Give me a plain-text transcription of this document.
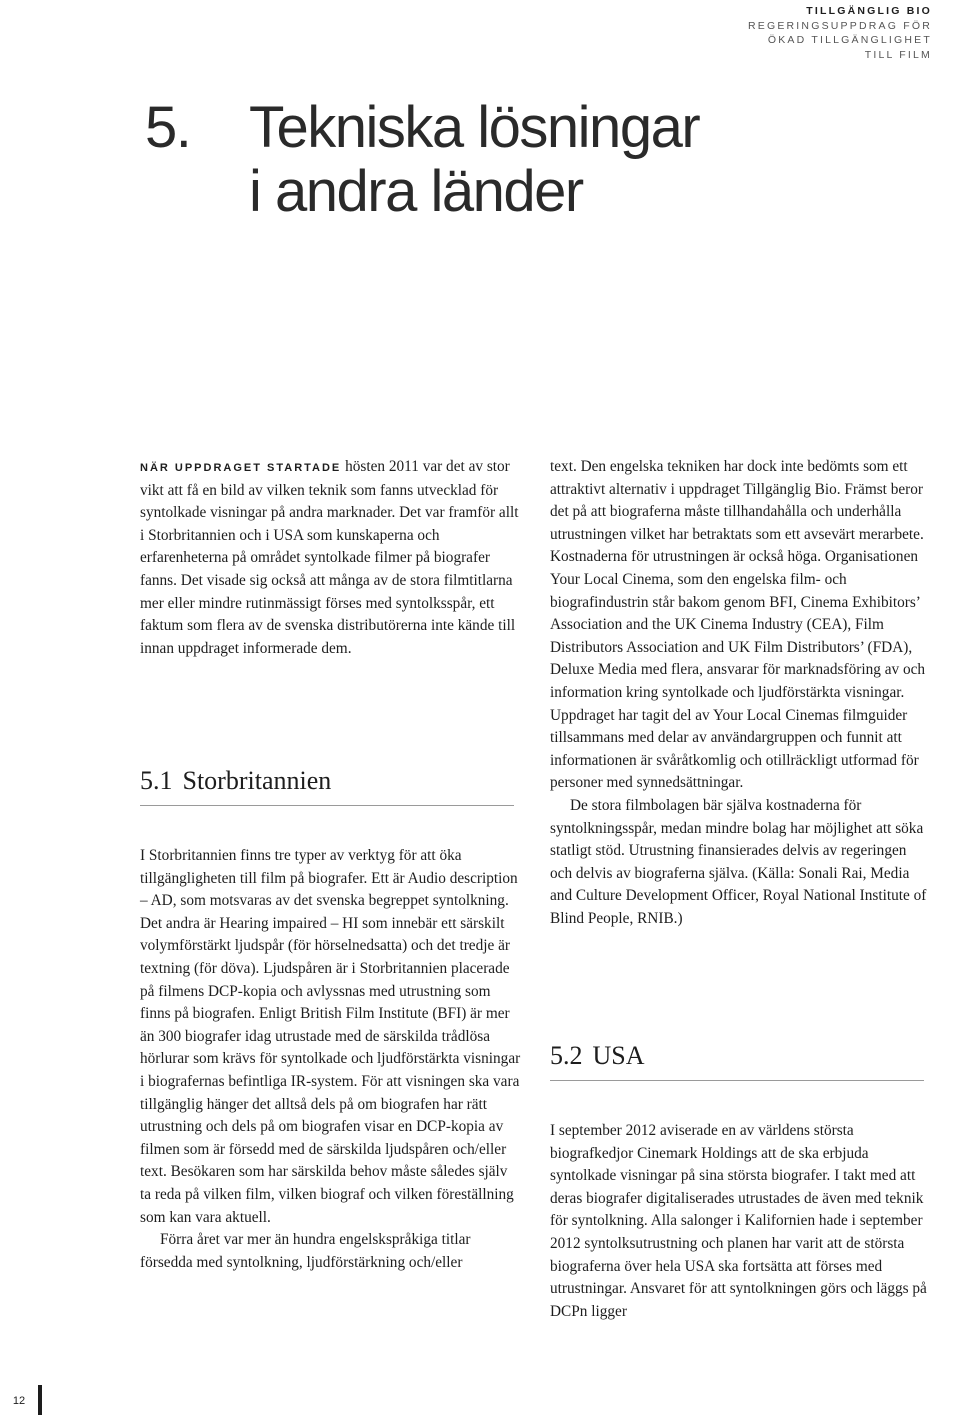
TILLGÄNGLIG BIO
REGERINGSUPPDRAG FÖR
ÖKAD TILLGÄNGLIGHET
TILL FILM
5. Tekniska lösningar
i andra länder

NÄR UPPDRAGET STARTADE hösten 2011 var det av stor vikt att få en bild av vilken teknik som fanns utvecklad för syntolkade visningar på andra marknader. Det var framför allt i Storbritannien och i USA som kunskaperna och erfarenheterna på området syntolkade filmer på biografer fanns. Det visade sig också att många av de stora filmtitlarna mer eller mindre rutinmässigt förses med syntolksspår, ett faktum som flera av de svenska distributörerna inte kände till innan uppdraget informerade dem.

5.1 Storbritannien

I Storbritannien finns tre typer av verktyg för att öka tillgängligheten till film på biografer. Ett är Audio description – AD, som motsvaras av det svenska begreppet syntolkning. Det andra är Hearing impaired – HI som innebär ett särskilt volymförstärkt ljudspår (för hörselnedsatta) och det tredje är textning (för döva). Ljudspåren är i Storbritannien placerade på filmens DCP-kopia och avlyssnas med utrustning som finns på biografen. Enligt British Film Institute (BFI) är mer än 300 biografer idag utrustade med de särskilda trådlösa hörlurar som krävs för syntolkade och ljudförstärkta visningar i biografernas befintliga IR-system. För att visningen ska vara tillgänglig hänger det alltså dels på om biografen har rätt utrustning och dels på om biografen visar en DCP-kopia av filmen som är försedd med de särskilda ljudspåren och/eller text. Besökaren som har särskilda behov måste således själv ta reda på vilken film, vilken biograf och vilken föreställning som kan vara aktuell.

Förra året var mer än hundra engelskspråkiga titlar försedda med syntolkning, ljudförstärkning och/eller

text. Den engelska tekniken har dock inte bedömts som ett attraktivt alternativ i uppdraget Tillgänglig Bio. Främst beror det på att biograferna måste tillhandahålla och underhålla utrustningen vilket har betraktats som ett avsevärt merarbete. Kostnaderna för utrustningen är också höga. Organisationen Your Local Cinema, som den engelska film- och biografindustrin står bakom genom BFI, Cinema Exhibitors’ Association and the UK Cinema Industry (CEA), Film Distributors Association and UK Film Distributors’ (FDA), Deluxe Media med flera, ansvarar för marknadsföring av och information kring syntolkade och ljudförstärkta visningar. Uppdraget har tagit del av Your Local Cinemas filmguider tillsammans med delar av användargruppen och funnit att informationen är svåråtkomlig och otillräckligt utformad för personer med synnedsättningar.

De stora filmbolagen bär själva kostnaderna för syntolkningsspår, medan mindre bolag har möjlighet att söka statligt stöd. Utrustning finansierades delvis av regeringen och delvis av biograferna själva. (Källa: Sonali Rai, Media and Culture Development Officer, Royal National Institute of Blind People, RNIB.)

5.2 USA

I september 2012 aviserade en av världens största biografkedjor Cinemark Holdings att de ska erbjuda syntolkade visningar på sina största biografer. I takt med att deras biografer digitaliserades utrustades de även med teknik för syntolkning. Alla salonger i Kalifornien hade i september 2012 syntolksutrustning och planen har varit att de största biograferna över hela USA ska fortsätta att förses med utrustningar. Ansvaret för att syntolkningen görs och läggs på DCPn ligger

12
